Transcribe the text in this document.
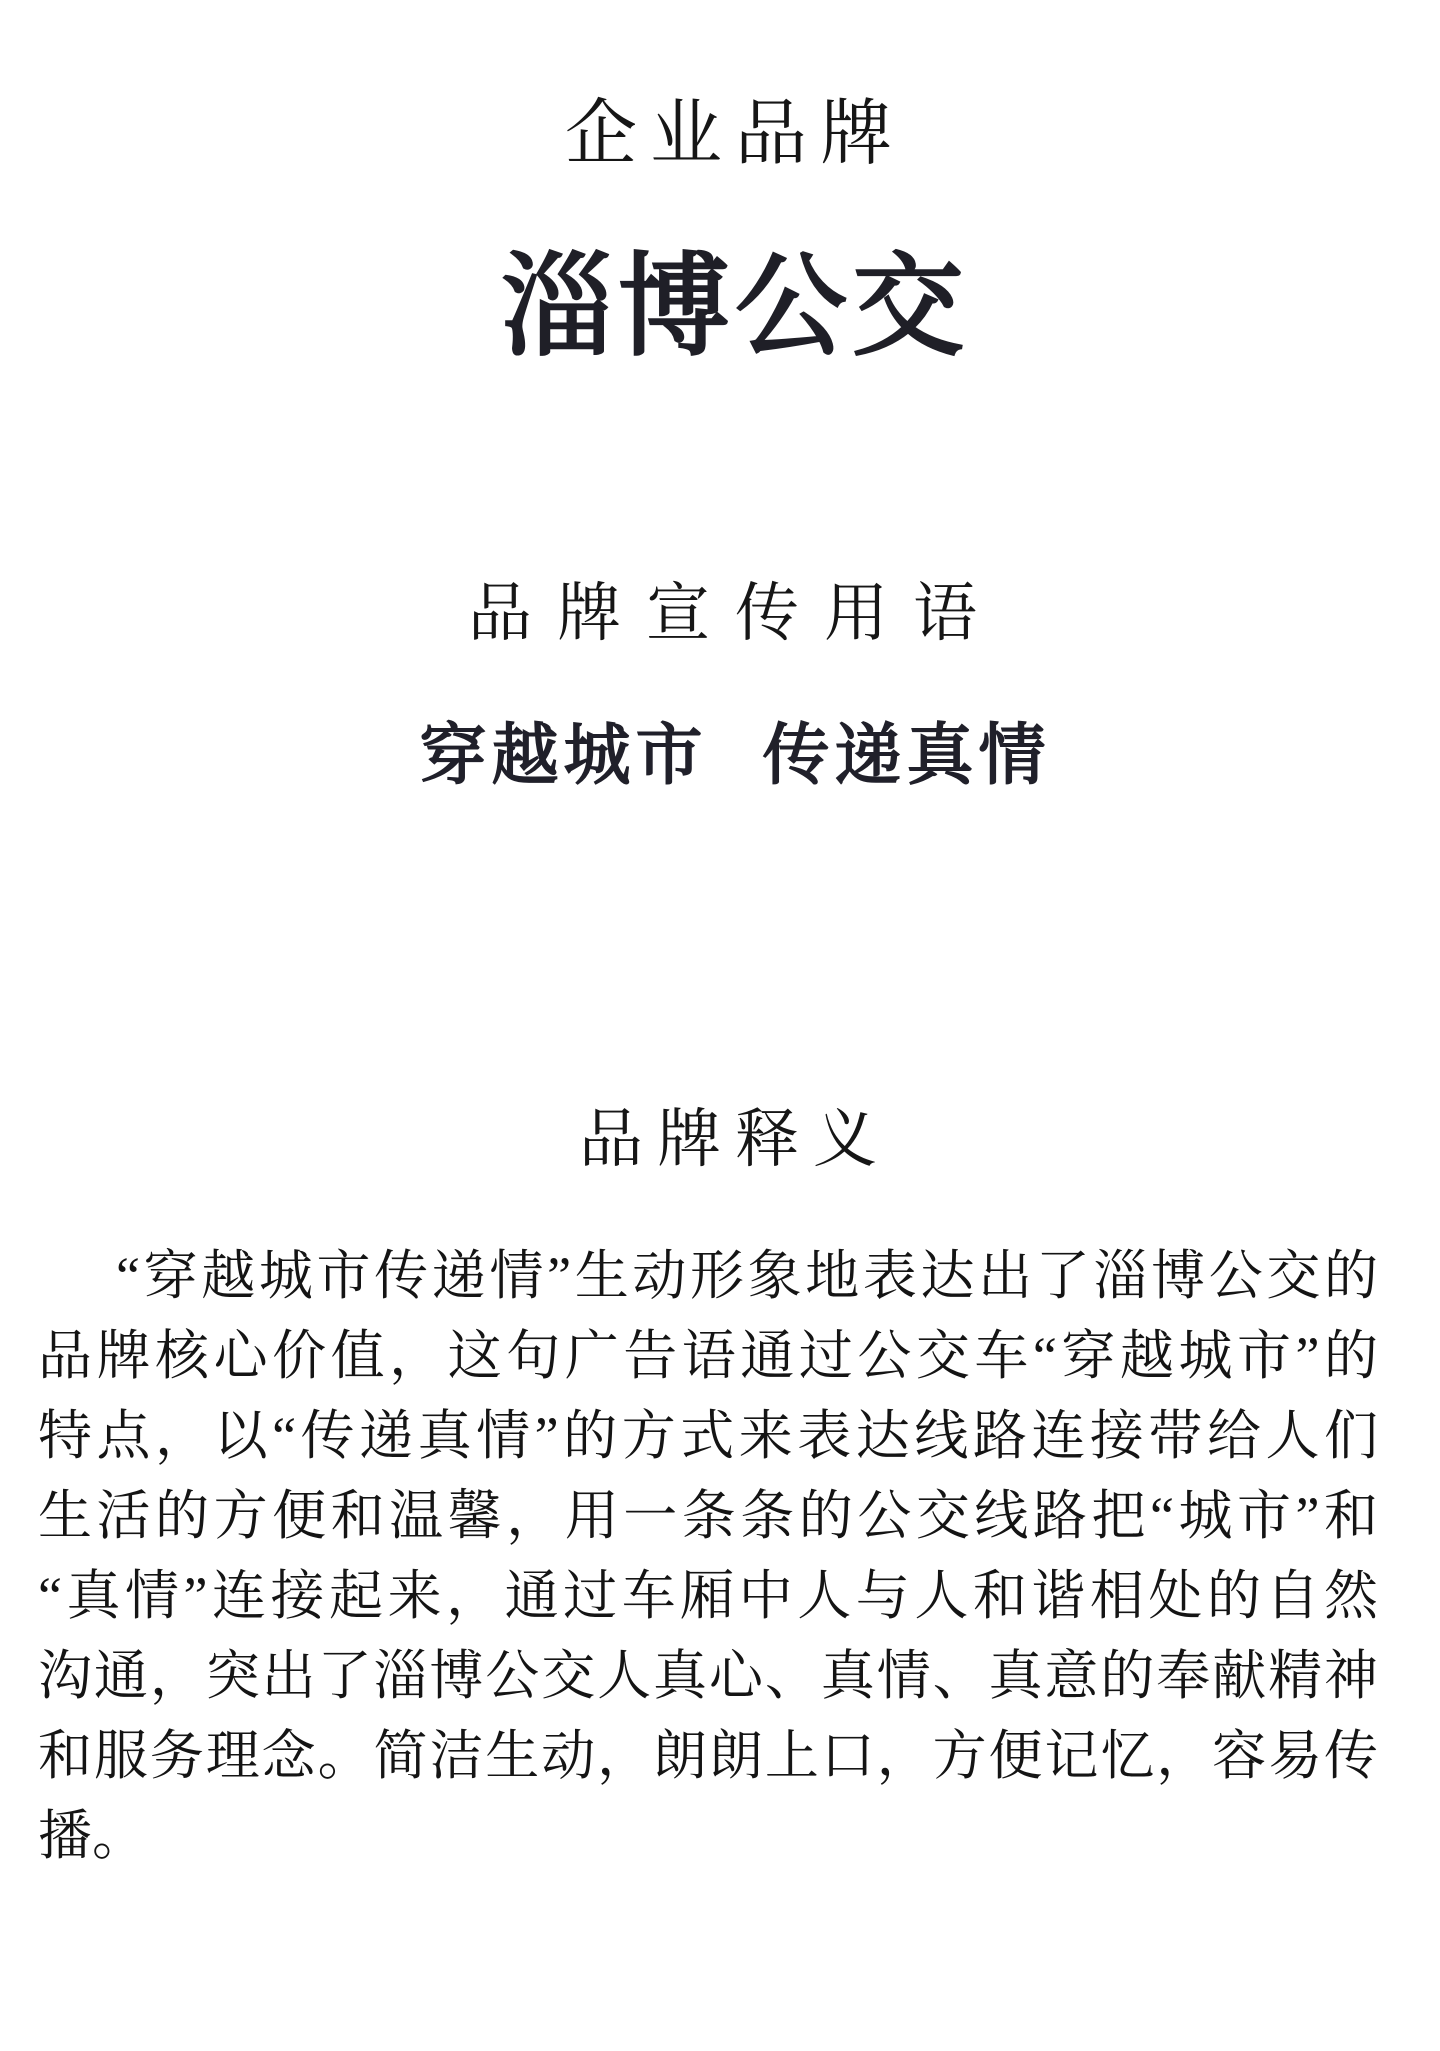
企业品牌
淄博公交
品牌宣传用语
穿越城市 传递真情
品牌释义
“穿越城市传递情”生动形象地表达出了淄博公交的
品牌核心价值，这句广告语通过公交车“穿越城市”的
特点，以“传递真情”的方式来表达线路连接带给人们
生活的方便和温馨，用一条条的公交线路把“城市”和
“真情”连接起来，通过车厢中人与人和谐相处的自然
沟通，突出了淄博公交人真心、真情、真意的奉献精神
和服务理念。简洁生动，朗朗上口，方便记忆，容易传
播。
